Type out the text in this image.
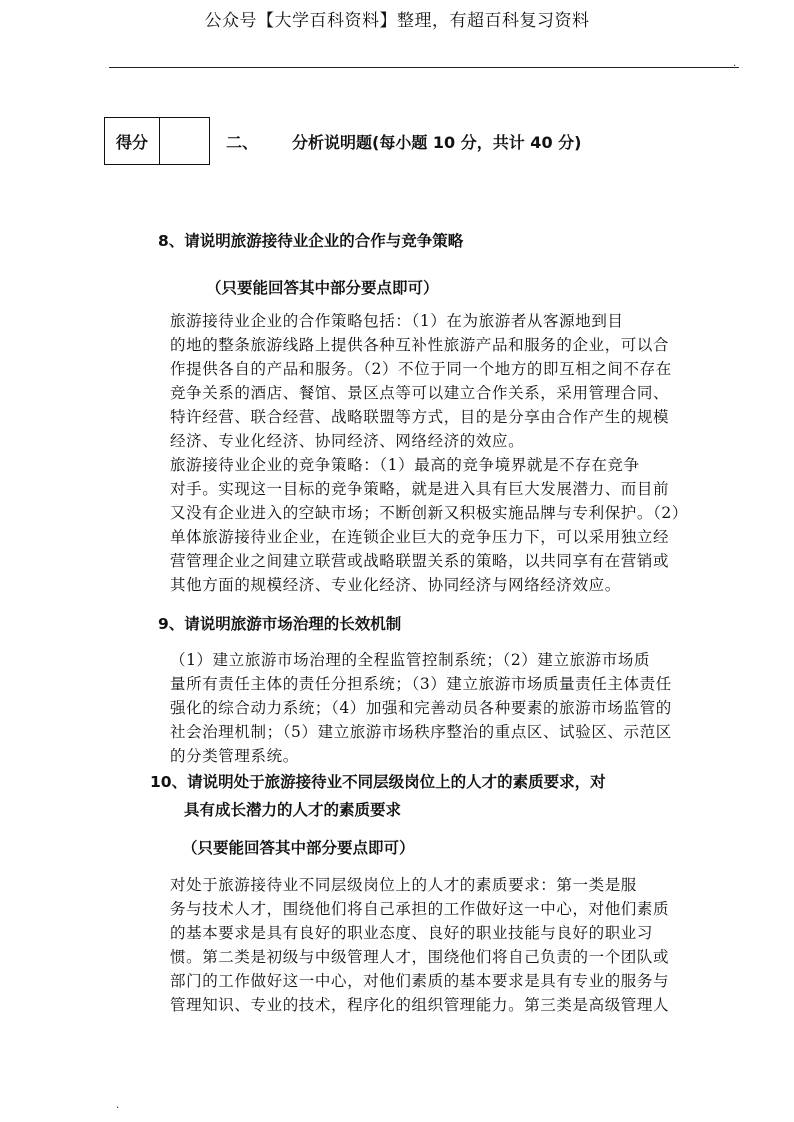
公众号【大学百科资料】整理，有超百科复习资料
.
得分	二、 分析说明题(每小题 10 分，共计 40 分)
8、请说明旅游接待业企业的合作与竞争策略
（只要能回答其中部分要点即可）
旅游接待业企业的合作策略包括：（1）在为旅游者从客源地到目
的地的整条旅游线路上提供各种互补性旅游产品和服务的企业，可以合
作提供各自的产品和服务。（2）不位于同一个地方的即互相之间不存在
竞争关系的酒店、餐馆、景区点等可以建立合作关系，采用管理合同、
特许经营、联合经营、战略联盟等方式，目的是分享由合作产生的规模
经济、专业化经济、协同经济、网络经济的效应。
旅游接待业企业的竞争策略：（1）最高的竞争境界就是不存在竞争
对手。实现这一目标的竞争策略，就是进入具有巨大发展潜力、而目前
又没有企业进入的空缺市场；不断创新又积极实施品牌与专利保护。（2）
单体旅游接待业企业，在连锁企业巨大的竞争压力下，可以采用独立经
营管理企业之间建立联营或战略联盟关系的策略，以共同享有在营销或
其他方面的规模经济、专业化经济、协同经济与网络经济效应。
9、请说明旅游市场治理的长效机制
（1）建立旅游市场治理的全程监管控制系统；（2）建立旅游市场质
量所有责任主体的责任分担系统；（3）建立旅游市场质量责任主体责任
强化的综合动力系统；（4）加强和完善动员各种要素的旅游市场监管的
社会治理机制；（5）建立旅游市场秩序整治的重点区、试验区、示范区
的分类管理系统。
10、请说明处于旅游接待业不同层级岗位上的人才的素质要求，对
具有成长潜力的人才的素质要求
（只要能回答其中部分要点即可）
对处于旅游接待业不同层级岗位上的人才的素质要求：第一类是服
务与技术人才，围绕他们将自己承担的工作做好这一中心，对他们素质
的基本要求是具有良好的职业态度、良好的职业技能与良好的职业习
惯。第二类是初级与中级管理人才，围绕他们将自己负责的一个团队或
部门的工作做好这一中心，对他们素质的基本要求是具有专业的服务与
管理知识、专业的技术，程序化的组织管理能力。第三类是高级管理人
.
